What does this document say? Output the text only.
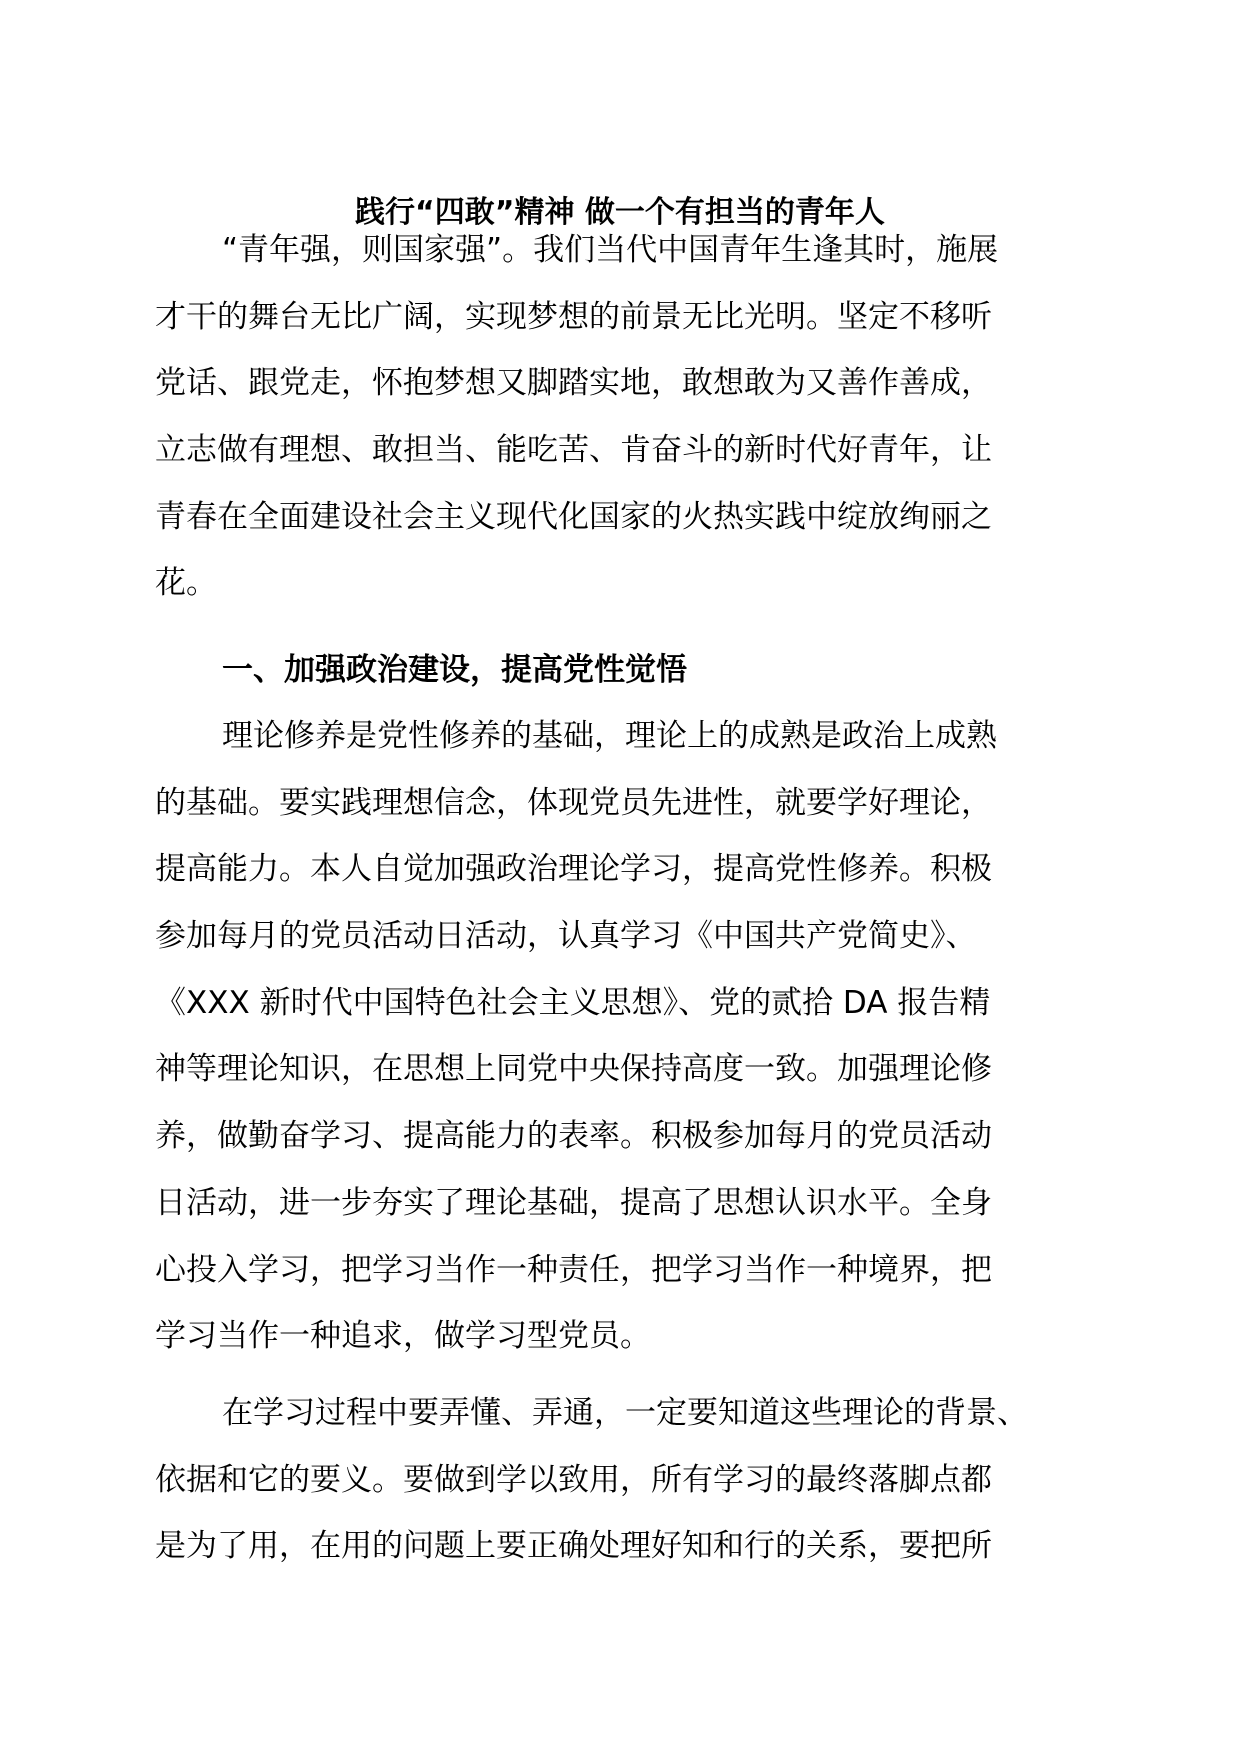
践行“四敢”精神 做一个有担当的青年人
“青年强，则国家强”。我们当代中国青年生逢其时，施展
才干的舞台无比广阔，实现梦想的前景无比光明。坚定不移听
党话、跟党走，怀抱梦想又脚踏实地，敢想敢为又善作善成，
立志做有理想、敢担当、能吃苦、肯奋斗的新时代好青年，让
青春在全面建设社会主义现代化国家的火热实践中绽放绚丽之
花。
一、加强政治建设，提高党性觉悟
理论修养是党性修养的基础，理论上的成熟是政治上成熟
的基础。要实践理想信念，体现党员先进性，就要学好理论，
提高能力。本人自觉加强政治理论学习，提高党性修养。积极
参加每月的党员活动日活动，认真学习《中国共产党简史》、
《XXX 新时代中国特色社会主义思想》、党的贰拾 DA 报告精
神等理论知识，在思想上同党中央保持高度一致。加强理论修
养，做勤奋学习、提高能力的表率。积极参加每月的党员活动
日活动，进一步夯实了理论基础，提高了思想认识水平。全身
心投入学习，把学习当作一种责任，把学习当作一种境界，把
学习当作一种追求，做学习型党员。
在学习过程中要弄懂、弄通，一定要知道这些理论的背景、
依据和它的要义。要做到学以致用，所有学习的最终落脚点都
是为了用，在用的问题上要正确处理好知和行的关系，要把所
